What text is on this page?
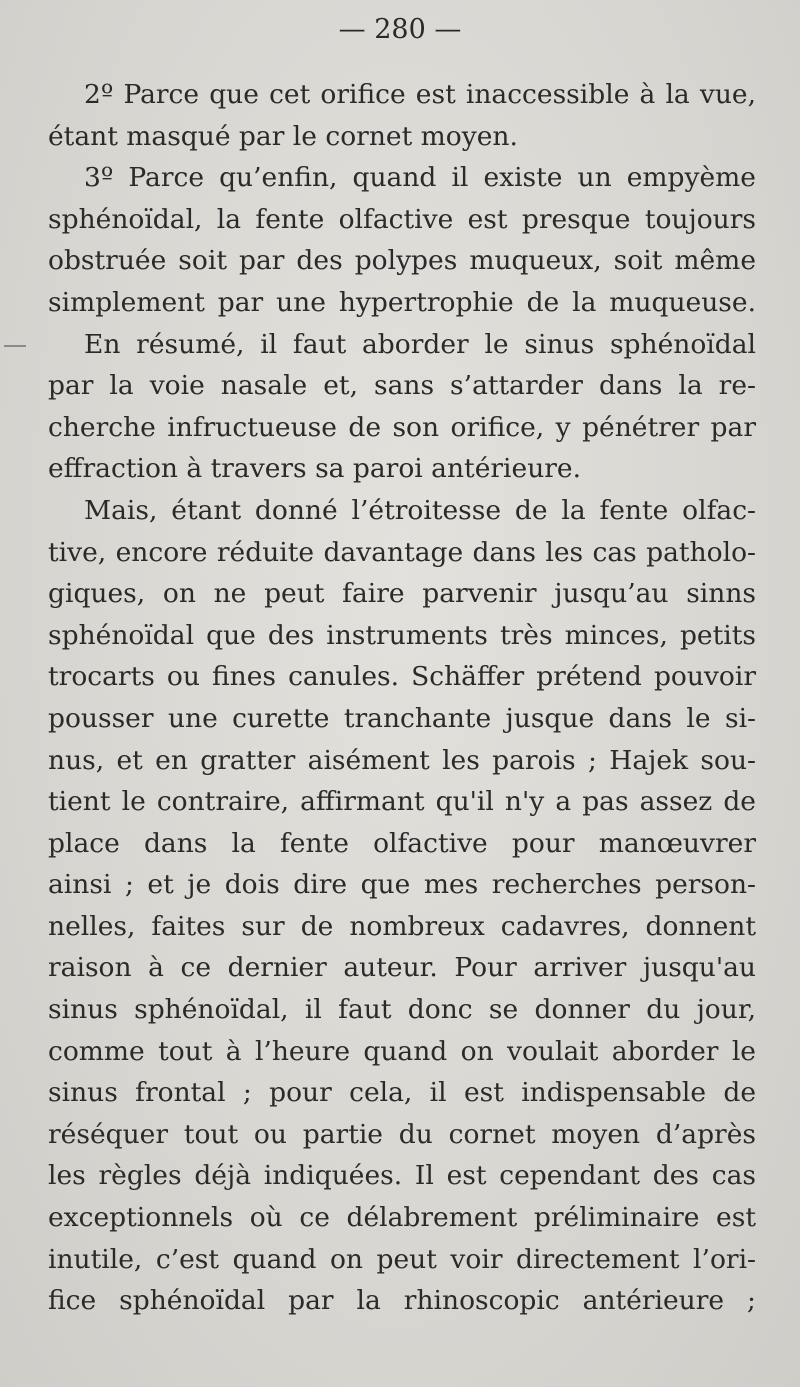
— 280 —

2º Parce que cet orifice est inaccessible à la vue,
étant masqué par le cornet moyen.

3º Parce qu’enfin, quand il existe un empyème
sphénoïdal, la fente olfactive est presque toujours
obstruée soit par des polypes muqueux, soit même
simplement par une hypertrophie de la muqueuse.

En résumé, il faut aborder le sinus sphénoïdal
par la voie nasale et, sans s’attarder dans la re-
cherche infructueuse de son orifice, y pénétrer par
effraction à travers sa paroi antérieure.

Mais, étant donné l’étroitesse de la fente olfac-
tive, encore réduite davantage dans les cas patholo-
giques, on ne peut faire parvenir jusqu’au sinns
sphénoïdal que des instruments très minces, petits
trocarts ou fines canules. Schäffer prétend pouvoir
pousser une curette tranchante jusque dans le si-
nus, et en gratter aisément les parois ; Hajek sou-
tient le contraire, affirmant qu'il n'y a pas assez de
place dans la fente olfactive pour manœuvrer
ainsi ; et je dois dire que mes recherches person-
nelles, faites sur de nombreux cadavres, donnent
raison à ce dernier auteur. Pour arriver jusqu'au
sinus sphénoïdal, il faut donc se donner du jour,
comme tout à l’heure quand on voulait aborder le
sinus frontal ; pour cela, il est indispensable de
réséquer tout ou partie du cornet moyen d’après
les règles déjà indiquées. Il est cependant des cas
exceptionnels où ce délabrement préliminaire est
inutile, c’est quand on peut voir directement l’ori-
fice sphénoïdal par la rhinoscopic antérieure ;
